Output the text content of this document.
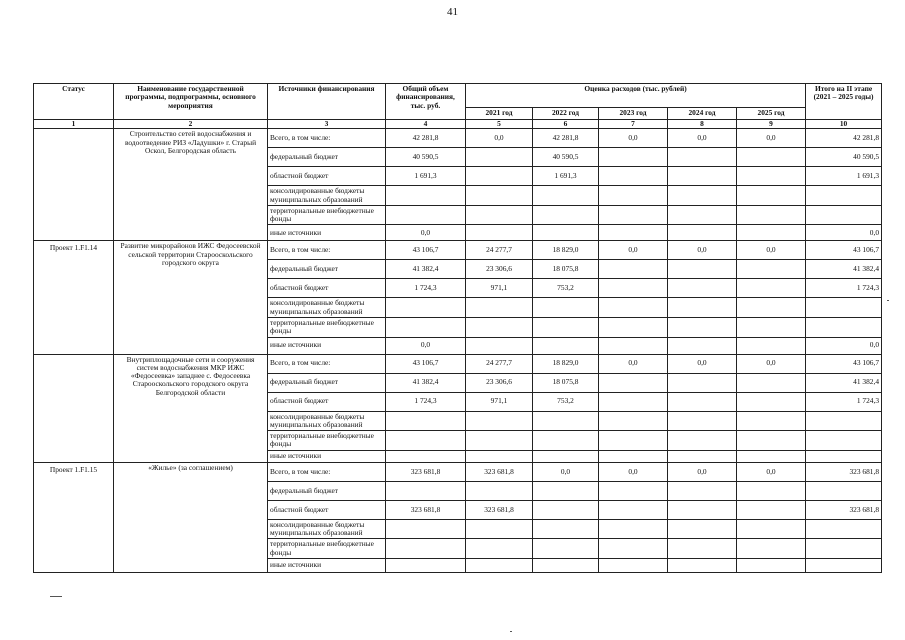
41
Статус	Наименование государственной программы, подпрограммы, основного мероприятия	Источники финансирования	Общий объем финансирования, тыс. руб.	Оценка расходов (тыс. рублей)					Итого на II этапе (2021 – 2025 годы)
				2021 год	2022 год	2023 год	2024 год	2025 год	
1	2	3	4	5	6	7	8	9	10
	Строительство сетей водоснабжения и водоотведение РИЗ «Ладушки» г. Старый Оскол, Белгородская область	Всего, в том числе:	42 281,8	0,0	42 281,8	0,0	0,0	0,0	42 281,8
		федеральный бюджет	40 590,5		40 590,5				40 590,5
		областной бюджет	1 691,3		1 691,3				1 691,3
		консолидированные бюджеты муниципальных образований							
		территориальные внебюджетные фонды							
		иные источники	0,0						0,0
Проект 1.F1.14	Развитие микрорайонов ИЖС Федосеевской сельской территории Старооскольского городского округа	Всего, в том числе:	43 106,7	24 277,7	18 829,0	0,0	0,0	0,0	43 106,7
		федеральный бюджет	41 382,4	23 306,6	18 075,8				41 382,4
		областной бюджет	1 724,3	971,1	753,2				1 724,3
		консолидированные бюджеты муниципальных образований							
		территориальные внебюджетные фонды							
		иные источники	0,0						0,0
	Внутриплощадочные сети и сооружения систем водоснабжения МКР ИЖС «Федосеевка» западнее с. Федосеевка Старооскольского городского округа Белгородской области	Всего, в том числе:	43 106,7	24 277,7	18 829,0	0,0	0,0	0,0	43 106,7
		федеральный бюджет	41 382,4	23 306,6	18 075,8				41 382,4
		областной бюджет	1 724,3	971,1	753,2				1 724,3
		консолидированные бюджеты муниципальных образований							
		территориальные внебюджетные фонды							
		иные источники							
Проект 1.F1.15	«Жилье» (за соглашением)	Всего, в том числе:	323 681,8	323 681,8	0,0	0,0	0,0	0,0	323 681,8
		федеральный бюджет							
		областной бюджет	323 681,8	323 681,8					323 681,8
		консолидированные бюджеты муниципальных образований							
		территориальные внебюджетные фонды							
		иные источники							
